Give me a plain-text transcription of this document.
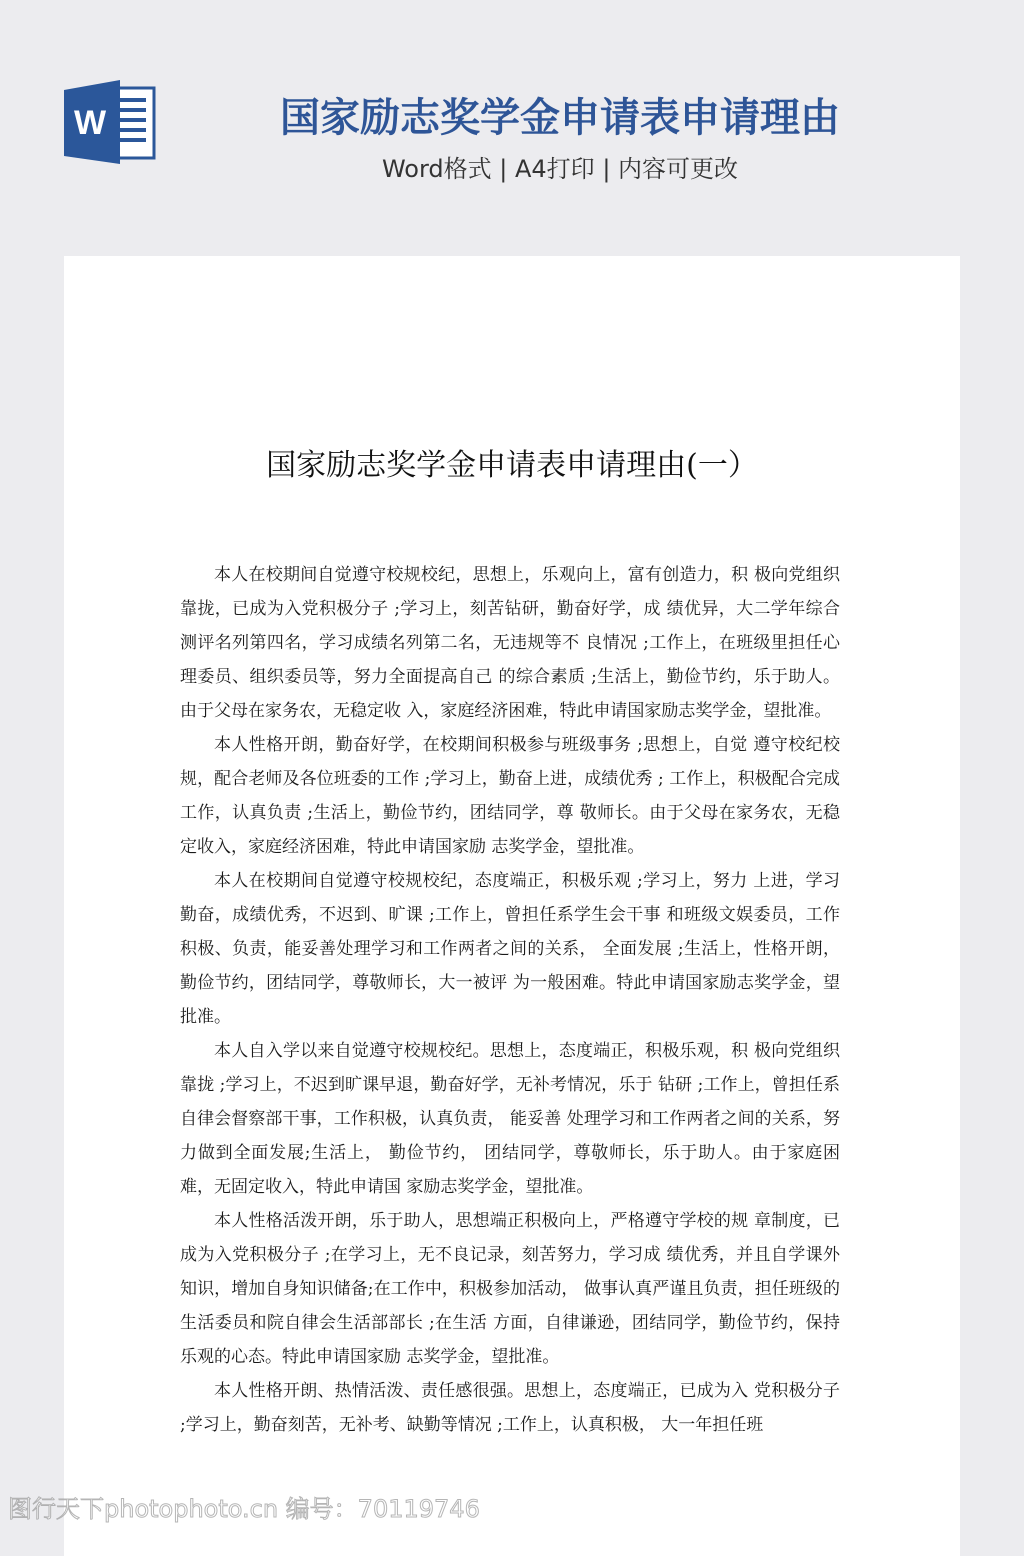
W	国家励志奖学金申请表申请理由
Word格式 | A4打印 | 内容可更改
国家励志奖学金申请表申请理由(一）

本人在校期间自觉遵守校规校纪，思想上，乐观向上，富有创造力，积 极向党组织靠拢，已成为入党积极分子 ;学习上，刻苦钻研，勤奋好学，成 绩优异，大二学年综合测评名列第四名，学习成绩名列第二名，无违规等不 良情况 ;工作上，在班级里担任心理委员、组织委员等，努力全面提高自己 的综合素质 ;生活上，勤俭节约，乐于助人。由于父母在家务农，无稳定收 入，家庭经济困难，特此申请国家励志奖学金，望批准。

本人性格开朗，勤奋好学，在校期间积极参与班级事务 ;思想上，自觉 遵守校纪校规，配合老师及各位班委的工作 ;学习上，勤奋上进，成绩优秀 ; 工作上，积极配合完成工作，认真负责 ;生活上，勤俭节约，团结同学，尊 敬师长。由于父母在家务农，无稳定收入，家庭经济困难，特此申请国家励 志奖学金，望批准。

本人在校期间自觉遵守校规校纪，态度端正，积极乐观 ;学习上，努力 上进，学习勤奋，成绩优秀，不迟到、旷课 ;工作上，曾担任系学生会干事 和班级文娱委员，工作积极、负责，能妥善处理学习和工作两者之间的关系， 全面发展 ;生活上，性格开朗，勤俭节约，团结同学，尊敬师长，大一被评 为一般困难。特此申请国家励志奖学金，望批准。

本人自入学以来自觉遵守校规校纪。思想上，态度端正，积极乐观，积 极向党组织靠拢 ;学习上，不迟到旷课早退，勤奋好学，无补考情况，乐于 钻研 ;工作上，曾担任系自律会督察部干事，工作积极，认真负责， 能妥善 处理学习和工作两者之间的关系，努力做到全面发展;生活上， 勤俭节约， 团结同学，尊敬师长，乐于助人。由于家庭困难，无固定收入，特此申请国 家励志奖学金，望批准。

本人性格活泼开朗，乐于助人，思想端正积极向上，严格遵守学校的规 章制度，已成为入党积极分子 ;在学习上，无不良记录，刻苦努力，学习成 绩优秀，并且自学课外知识，增加自身知识储备;在工作中，积极参加活动， 做事认真严谨且负责，担任班级的生活委员和院自律会生活部部长 ;在生活 方面，自律谦逊，团结同学，勤俭节约，保持乐观的心态。特此申请国家励 志奖学金，望批准。

本人性格开朗、热情活泼、责任感很强。思想上，态度端正，已成为入 党积极分子 ;学习上，勤奋刻苦，无补考、缺勤等情况 ;工作上，认真积极， 大一年担任班

图行天下photophoto.cn 编号：70119746
